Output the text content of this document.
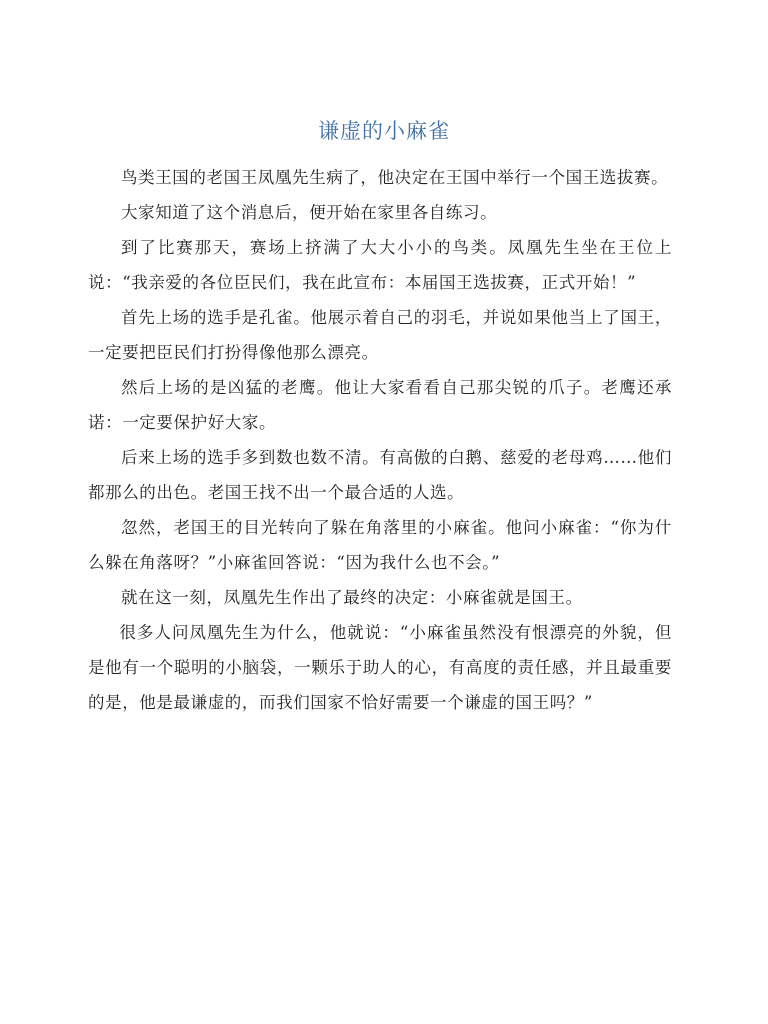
谦虚的小麻雀

鸟类王国的老国王凤凰先生病了，他决定在王国中举行一个国王选拔赛。

大家知道了这个消息后，便开始在家里各自练习。

到了比赛那天，赛场上挤满了大大小小的鸟类。凤凰先生坐在王位上说：“我亲爱的各位臣民们，我在此宣布：本届国王选拔赛，正式开始！”

首先上场的选手是孔雀。他展示着自己的羽毛，并说如果他当上了国王，一定要把臣民们打扮得像他那么漂亮。

然后上场的是凶猛的老鹰。他让大家看看自己那尖锐的爪子。老鹰还承诺：一定要保护好大家。

后来上场的选手多到数也数不清。有高傲的白鹅、慈爱的老母鸡……他们都那么的出色。老国王找不出一个最合适的人选。

忽然，老国王的目光转向了躲在角落里的小麻雀。他问小麻雀：“你为什么躲在角落呀？”小麻雀回答说：“因为我什么也不会。”

就在这一刻，凤凰先生作出了最终的决定：小麻雀就是国王。

很多人问凤凰先生为什么，他就说：“小麻雀虽然没有恨漂亮的外貌，但是他有一个聪明的小脑袋，一颗乐于助人的心，有高度的责任感，并且最重要的是，他是最谦虚的，而我们国家不恰好需要一个谦虚的国王吗？”
